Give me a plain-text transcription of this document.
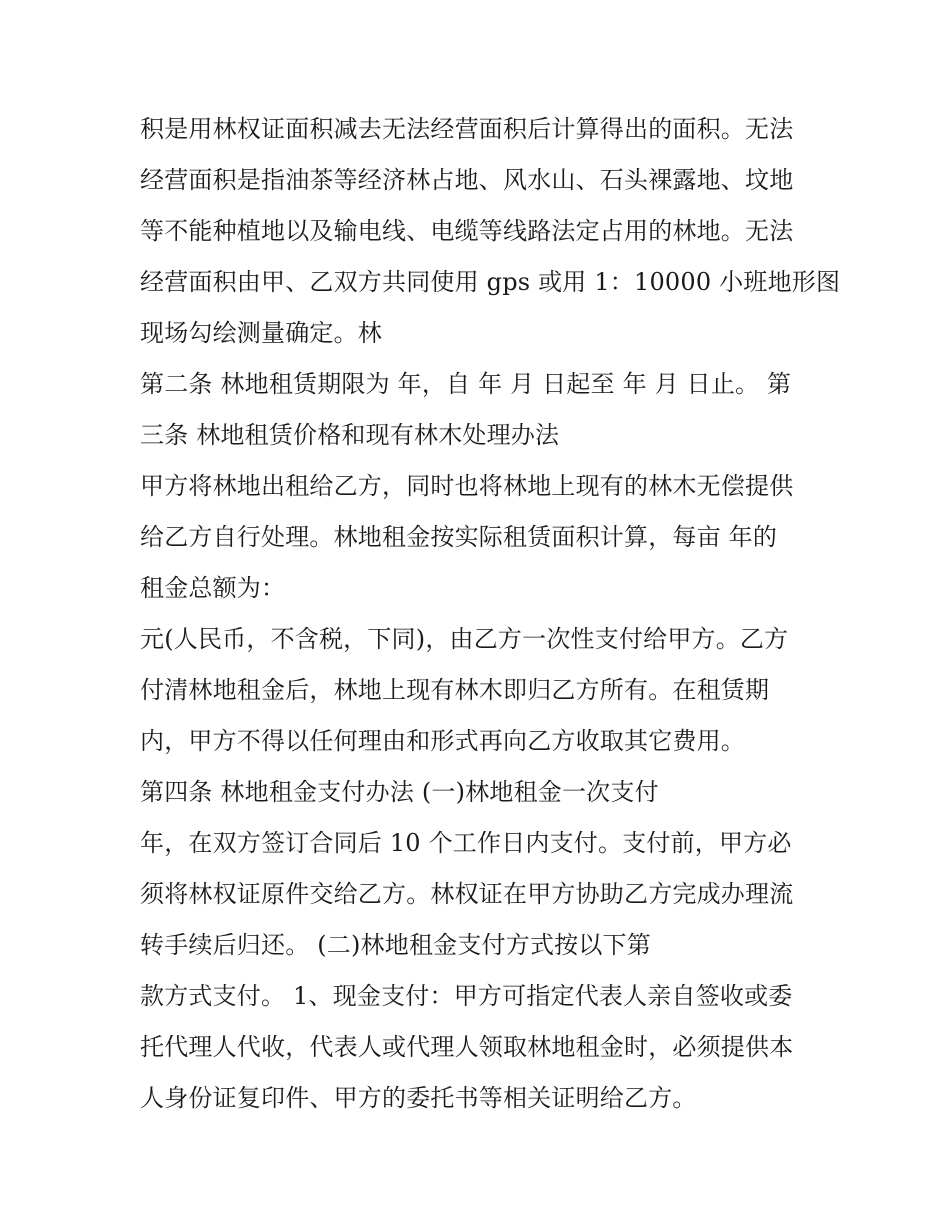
积是用林权证面积减去无法经营面积后计算得出的面积。无法
经营面积是指油茶等经济林占地、风水山、石头裸露地、坟地
等不能种植地以及输电线、电缆等线路法定占用的林地。无法
经营面积由甲、乙双方共同使用 gps 或用 1：10000 小班地形图
现场勾绘测量确定。林
第二条 林地租赁期限为 年，自 年 月 日起至 年 月 日止。 第
三条 林地租赁价格和现有林木处理办法
甲方将林地出租给乙方，同时也将林地上现有的林木无偿提供
给乙方自行处理。林地租金按实际租赁面积计算，每亩 年的
租金总额为：
元(人民币，不含税，下同)，由乙方一次性支付给甲方。乙方
付清林地租金后，林地上现有林木即归乙方所有。在租赁期
内，甲方不得以任何理由和形式再向乙方收取其它费用。
第四条 林地租金支付办法 (一)林地租金一次支付
年，在双方签订合同后 10 个工作日内支付。支付前，甲方必
须将林权证原件交给乙方。林权证在甲方协助乙方完成办理流
转手续后归还。 (二)林地租金支付方式按以下第
款方式支付。 1、现金支付：甲方可指定代表人亲自签收或委
托代理人代收，代表人或代理人领取林地租金时，必须提供本
人身份证复印件、甲方的委托书等相关证明给乙方。
